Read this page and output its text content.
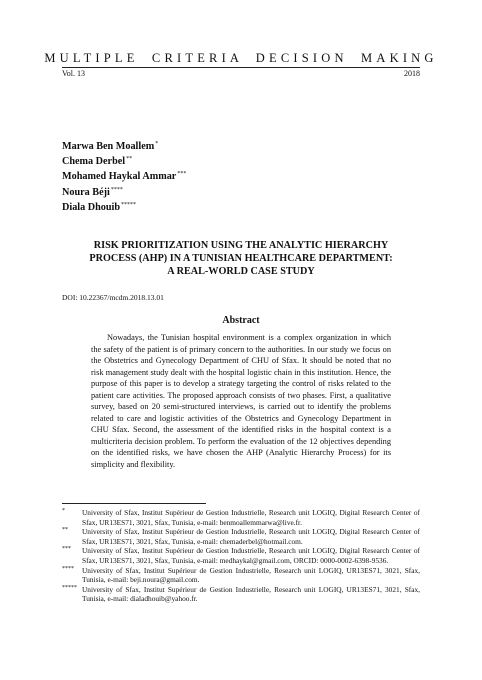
MULTIPLE CRITERIA DECISION MAKING
Vol. 13	2018
Marwa Ben Moallem*
Chema Derbel**
Mohamed Haykal Ammar***
Noura Béji****
Diala Dhouib*****
RISK PRIORITIZATION USING THE ANALYTIC HIERARCHY
PROCESS (AHP) IN A TUNISIAN HEALTHCARE DEPARTMENT:
A REAL-WORLD CASE STUDY
DOI: 10.22367/mcdm.2018.13.01
Abstract
Nowadays, the Tunisian hospital environment is a complex organization in which the safety of the patient is of primary concern to the authorities. In our study we focus on the Obstetrics and Gynecology Department of CHU of Sfax. It should be noted that no risk management study dealt with the hospital logistic chain in this institution. Hence, the purpose of this paper is to develop a strategy targeting the control of risks related to the patient care activities. The proposed approach consists of two phases. First, a qualitative survey, based on 20 semi-structured interviews, is carried out to identify the problems related to care and logistic activities of the Obstetrics and Gynecology Department in CHU Sfax. Second, the assessment of the identified risks in the hospital context is a multicriteria decision problem. To perform the evaluation of the 12 objectives depending on the identified risks, we have chosen the AHP (Analytic Hierarchy Process) for its simplicity and flexibility.
* University of Sfax, Institut Supérieur de Gestion Industrielle, Research unit LOGIQ, Digital Research Center of Sfax, UR13ES71, 3021, Sfax, Tunisia, e-mail: benmoallemmarwa@live.fr.
** University of Sfax, Institut Supérieur de Gestion Industrielle, Research unit LOGIQ, Digital Research Center of Sfax, UR13ES71, 3021, Sfax, Tunisia, e-mail: chemaderbel@hotmail.com.
*** University of Sfax, Institut Supérieur de Gestion Industrielle, Research unit LOGIQ, Digital Research Center of Sfax, UR13ES71, 3021, Sfax, Tunisia, e-mail: medhaykal@gmail.com, ORCID: 0000-0002-6398-9536.
**** University of Sfax, Institut Supérieur de Gestion Industrielle, Research unit LOGIQ, UR13ES71, 3021, Sfax, Tunisia, e-mail: beji.noura@gmail.com.
***** University of Sfax, Institut Supérieur de Gestion Industrielle, Research unit LOGIQ, UR13ES71, 3021, Sfax, Tunisia, e-mail: dialadhouib@yahoo.fr.
